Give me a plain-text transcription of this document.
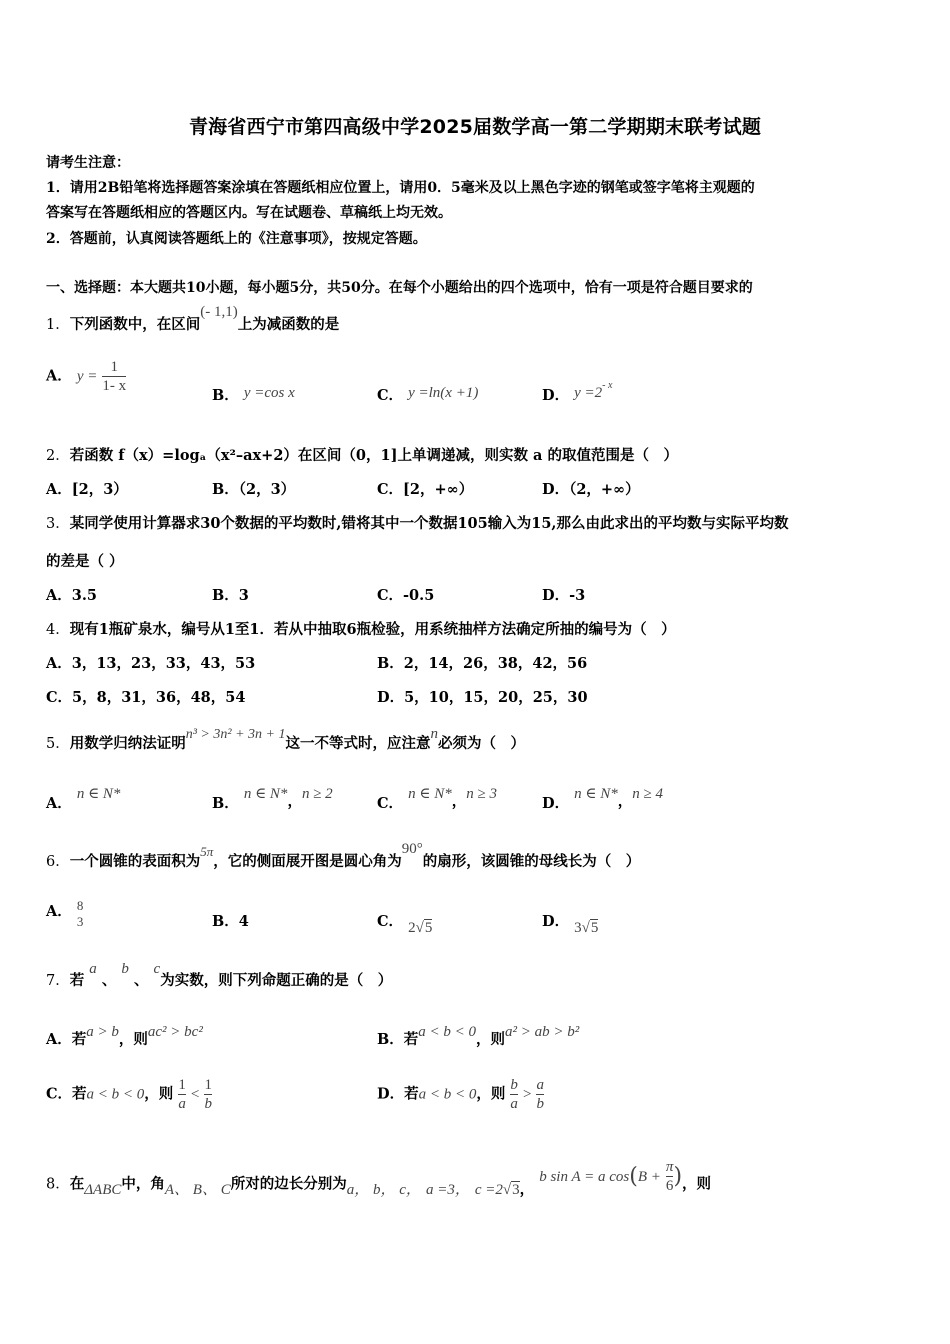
青海省西宁市第四高级中学2025届数学高一第二学期期末联考试题
请考生注意：
1．请用2B铅笔将选择题答案涂填在答题纸相应位置上，请用0．5毫米及以上黑色字迹的钢笔或签字笔将主观题的
答案写在答题纸相应的答题区内。写在试题卷、草稿纸上均无效。
2．答题前，认真阅读答题纸上的《注意事项》，按规定答题。
一、选择题：本大题共10小题，每小题5分，共50分。在每个小题给出的四个选项中，恰有一项是符合题目要求的
1．下列函数中，在区间(- 1,1)上为减函数的是
A． $y = \frac{1}{1- x}$
B． y =cos x	C． y =ln(x +1)	D． $y =2^{- x}$
2．若函数 f（x）=logₐ（x²–ax+2）在区间（0，1]上单调递减，则实数 a 的取值范围是（　）
A．[2，3）	B．（2，3）	C．[2，+∞）	D．（2，+∞）
3．某同学使用计算器求30个数据的平均数时,错将其中一个数据105输入为15,那么由此求出的平均数与实际平均数
的差是（ ）
A．3.5	B．3	C．-0.5	D．-3
4．现有1瓶矿泉水，编号从1至1．若从中抽取6瓶检验，用系统抽样方法确定所抽的编号为（　）
A．3，13，23，33，43，53	B．2，14，26，38，42，56
C．5，8，31，36，48，54	D．5，10，15，20，25，30
5．用数学归纳法证明n³ > 3n² + 3n + 1这一不等式时，应注意n必须为（　）
A． n ∈ N*
B． n ∈ N*，n ≥ 2
C． n ∈ N*，n ≥ 3
D． n ∈ N*，n ≥ 4
6．一个圆锥的表面积为5π，它的侧面展开图是圆心角为90°的扇形，该圆锥的母线长为（　）
A． 8
3	B．4	C． 2√5	D． 3√5
7．若 a 、 b 、 c为实数，则下列命题正确的是（　）
A．若a > b，则ac² > bc²	B．若a < b < 0，则a² > ab > b²
C．若a < b < 0，则 $\frac{1}{a} < \frac{1}{b}$	D．若a < b < 0，则 $\frac{b}{a} > \frac{a}{b}$
8．在ΔABC中，角A、 B、 C所对的边长分别为a， b， c， a =3， c =2√3， b sin A = a $\cos(B + \frac{\pi}{6}$ )，则
